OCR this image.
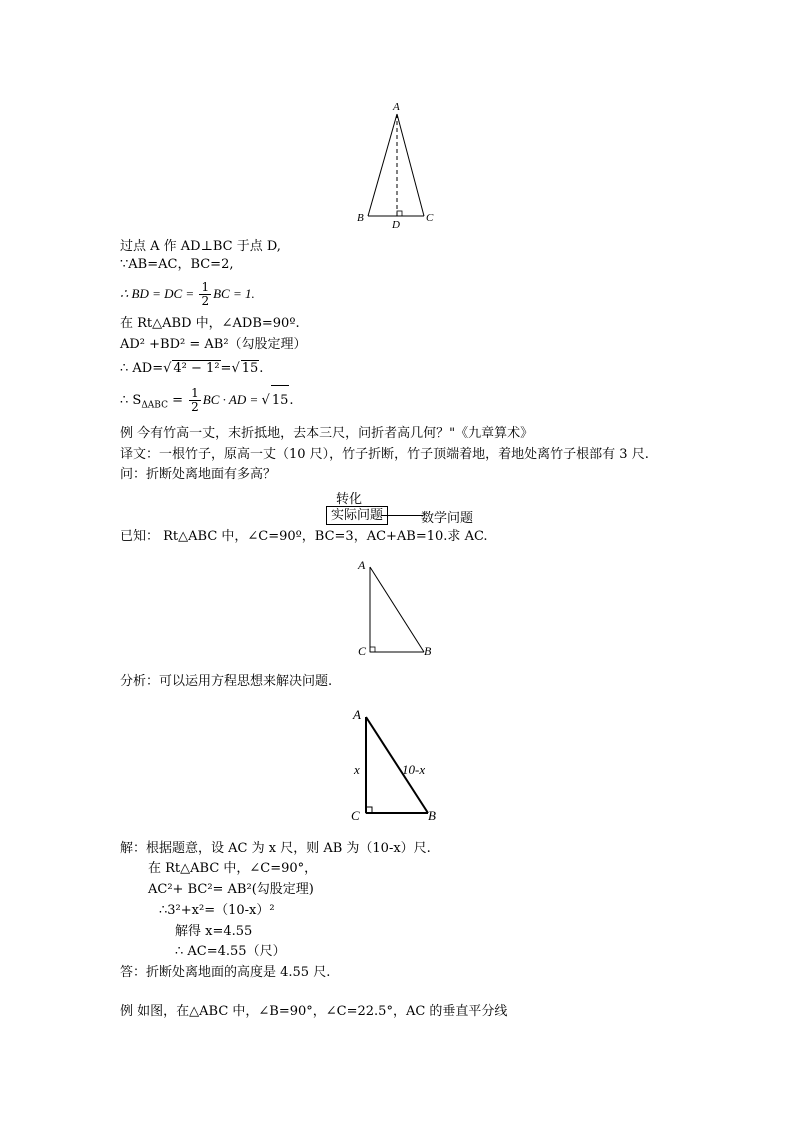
A
B	C
D
过点 A 作 AD⊥BC 于点 D,
∵AB=AC，BC=2,
∴ BD = DC = $\frac{1}{2}$ BC = 1.
在 Rt△ABD 中，∠ADB=90º.
AD² +BD² = AB²（勾股定理）
∴ AD=√ 4² − 1²=√ 15.
∴ $S_{\Delta ABC} = \frac{1}{2}$ BC · AD = √ 15.
例 今有竹高一丈，末折抵地，去本三尺，问折者高几何？"《九章算术》
译文：一根竹子，原高一丈（10 尺），竹子折断，竹子顶端着地，着地处离竹子根部有 3 尺.
问：折断处离地面有多高？
转化
实际问题	数学问题
已知： Rt△ABC 中，∠C=90º，BC=3，AC+AB=10.求 AC.
A
C	B
分析：可以运用方程思想来解决问题.
A
C	B
x	10-x
解：根据题意，设 AC 为 x 尺，则 AB 为（10-x）尺.
在 Rt△ABC 中，∠C=90°，
AC²+ BC²= AB²(勾股定理)
∴3²+x²=（10-x）²
解得 x=4.55
∴ AC=4.55（尺）
答：折断处离地面的高度是 4.55 尺.
例 如图，在△ABC 中，∠B=90°，∠C=22.5°，AC 的垂直平分线
